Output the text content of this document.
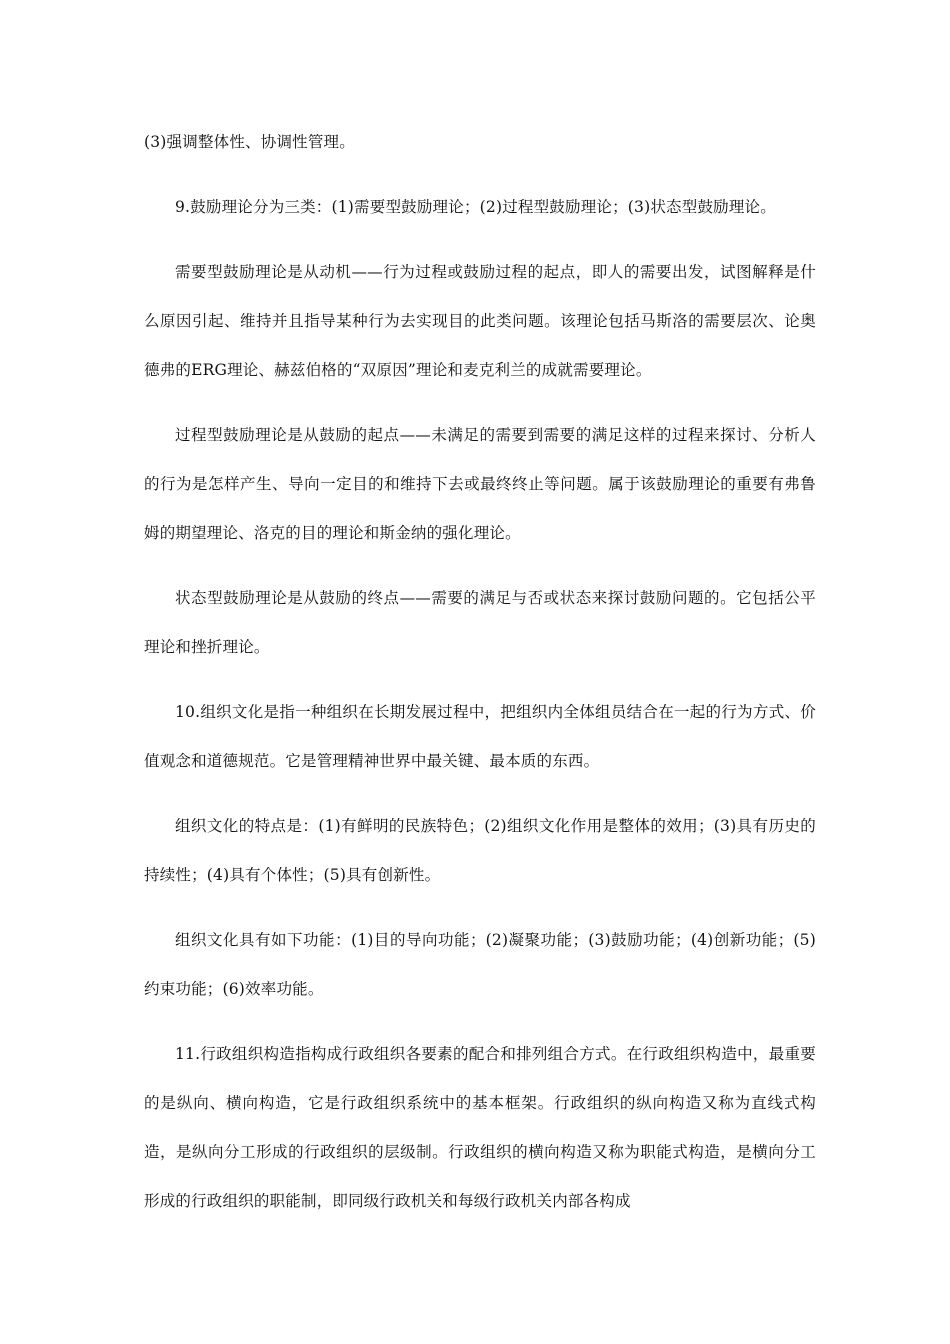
(3)强调整体性、协调性管理。

9.鼓励理论分为三类：(1)需要型鼓励理论；(2)过程型鼓励理论；(3)状态型鼓励理论。

需要型鼓励理论是从动机——行为过程或鼓励过程的起点，即人的需要出发，试图解释是什么原因引起、维持并且指导某种行为去实现目的此类问题。该理论包括马斯洛的需要层次、论奥德弗的ERG理论、赫兹伯格的“双原因”理论和麦克利兰的成就需要理论。

过程型鼓励理论是从鼓励的起点——未满足的需要到需要的满足这样的过程来探讨、分析人的行为是怎样产生、导向一定目的和维持下去或最终终止等问题。属于该鼓励理论的重要有弗鲁姆的期望理论、洛克的目的理论和斯金纳的强化理论。

状态型鼓励理论是从鼓励的终点——需要的满足与否或状态来探讨鼓励问题的。它包括公平理论和挫折理论。

10.组织文化是指一种组织在长期发展过程中，把组织内全体组员结合在一起的行为方式、价值观念和道德规范。它是管理精神世界中最关键、最本质的东西。

组织文化的特点是：(1)有鲜明的民族特色；(2)组织文化作用是整体的效用；(3)具有历史的持续性；(4)具有个体性；(5)具有创新性。

组织文化具有如下功能：(1)目的导向功能；(2)凝聚功能；(3)鼓励功能；(4)创新功能；(5)约束功能；(6)效率功能。

11.行政组织构造指构成行政组织各要素的配合和排列组合方式。在行政组织构造中，最重要的是纵向、横向构造，它是行政组织系统中的基本框架。行政组织的纵向构造又称为直线式构造，是纵向分工形成的行政组织的层级制。行政组织的横向构造又称为职能式构造，是横向分工形成的行政组织的职能制，即同级行政机关和每级行政机关内部各构成
